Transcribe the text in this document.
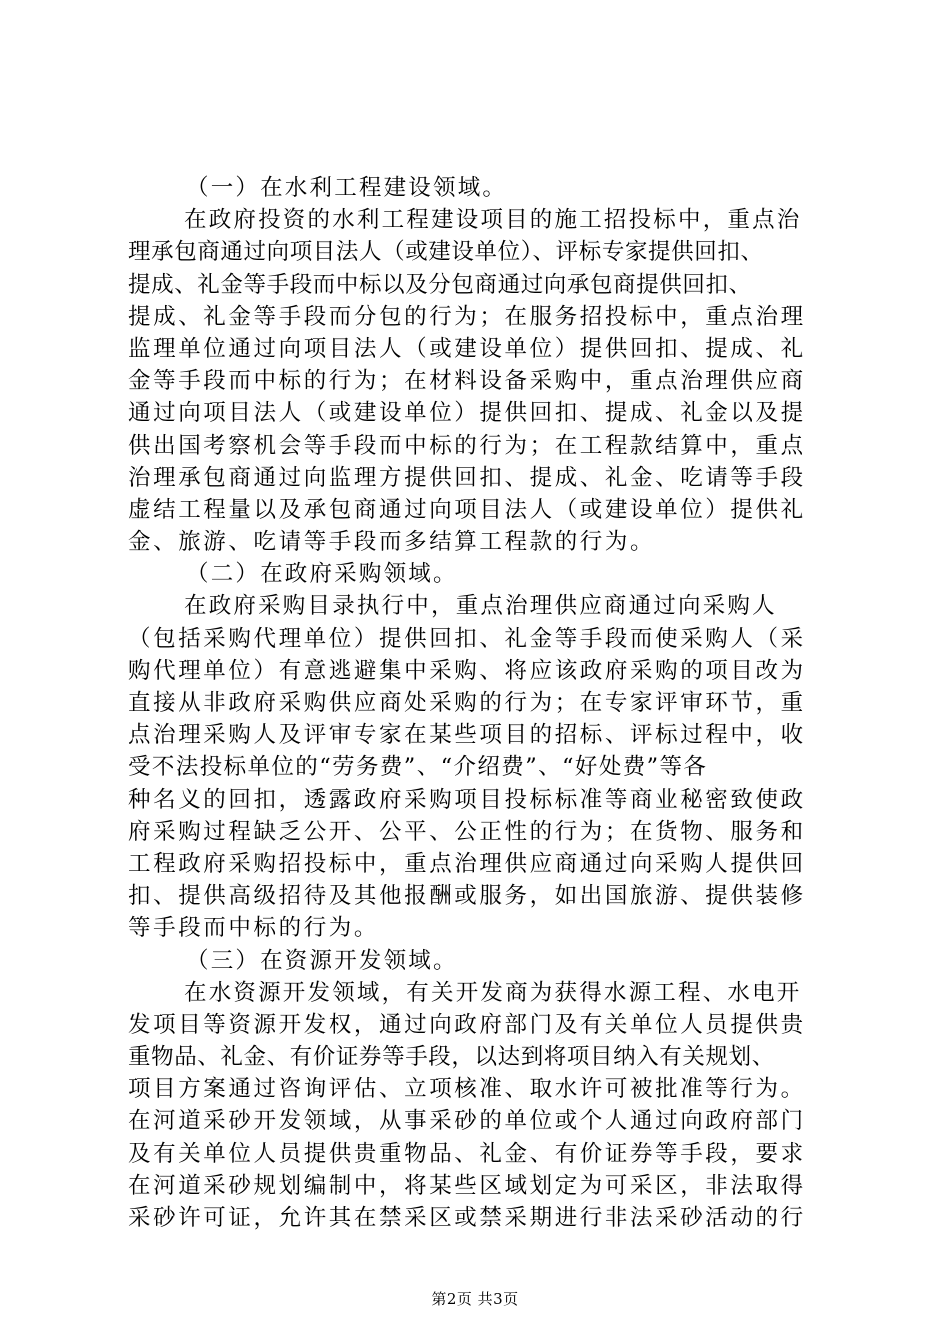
（一）在水利工程建设领域。
在政府投资的水利工程建设项目的施工招投标中，重点治
理承包商通过向项目法人（或建设单位）、评标专家提供回扣、
提成、礼金等手段而中标以及分包商通过向承包商提供回扣、
提成、礼金等手段而分包的行为；在服务招投标中，重点治理
监理单位通过向项目法人（或建设单位）提供回扣、提成、礼
金等手段而中标的行为；在材料设备采购中，重点治理供应商
通过向项目法人（或建设单位）提供回扣、提成、礼金以及提
供出国考察机会等手段而中标的行为；在工程款结算中，重点
治理承包商通过向监理方提供回扣、提成、礼金、吃请等手段
虚结工程量以及承包商通过向项目法人（或建设单位）提供礼
金、旅游、吃请等手段而多结算工程款的行为。
（二）在政府采购领域。
在政府采购目录执行中，重点治理供应商通过向采购人
（包括采购代理单位）提供回扣、礼金等手段而使采购人（采
购代理单位）有意逃避集中采购、将应该政府采购的项目改为
直接从非政府采购供应商处采购的行为；在专家评审环节，重
点治理采购人及评审专家在某些项目的招标、评标过程中，收
受不法投标单位的“劳务费”、“介绍费”、“好处费”等各
种名义的回扣，透露政府采购项目投标标准等商业秘密致使政
府采购过程缺乏公开、公平、公正性的行为；在货物、服务和
工程政府采购招投标中，重点治理供应商通过向采购人提供回
扣、提供高级招待及其他报酬或服务，如出国旅游、提供装修
等手段而中标的行为。
（三）在资源开发领域。
在水资源开发领域，有关开发商为获得水源工程、水电开
发项目等资源开发权，通过向政府部门及有关单位人员提供贵
重物品、礼金、有价证券等手段，以达到将项目纳入有关规划、
项目方案通过咨询评估、立项核准、取水许可被批准等行为。
在河道采砂开发领域，从事采砂的单位或个人通过向政府部门
及有关单位人员提供贵重物品、礼金、有价证券等手段，要求
在河道采砂规划编制中，将某些区域划定为可采区，非法取得
采砂许可证，允许其在禁采区或禁采期进行非法采砂活动的行
第2页 共3页
